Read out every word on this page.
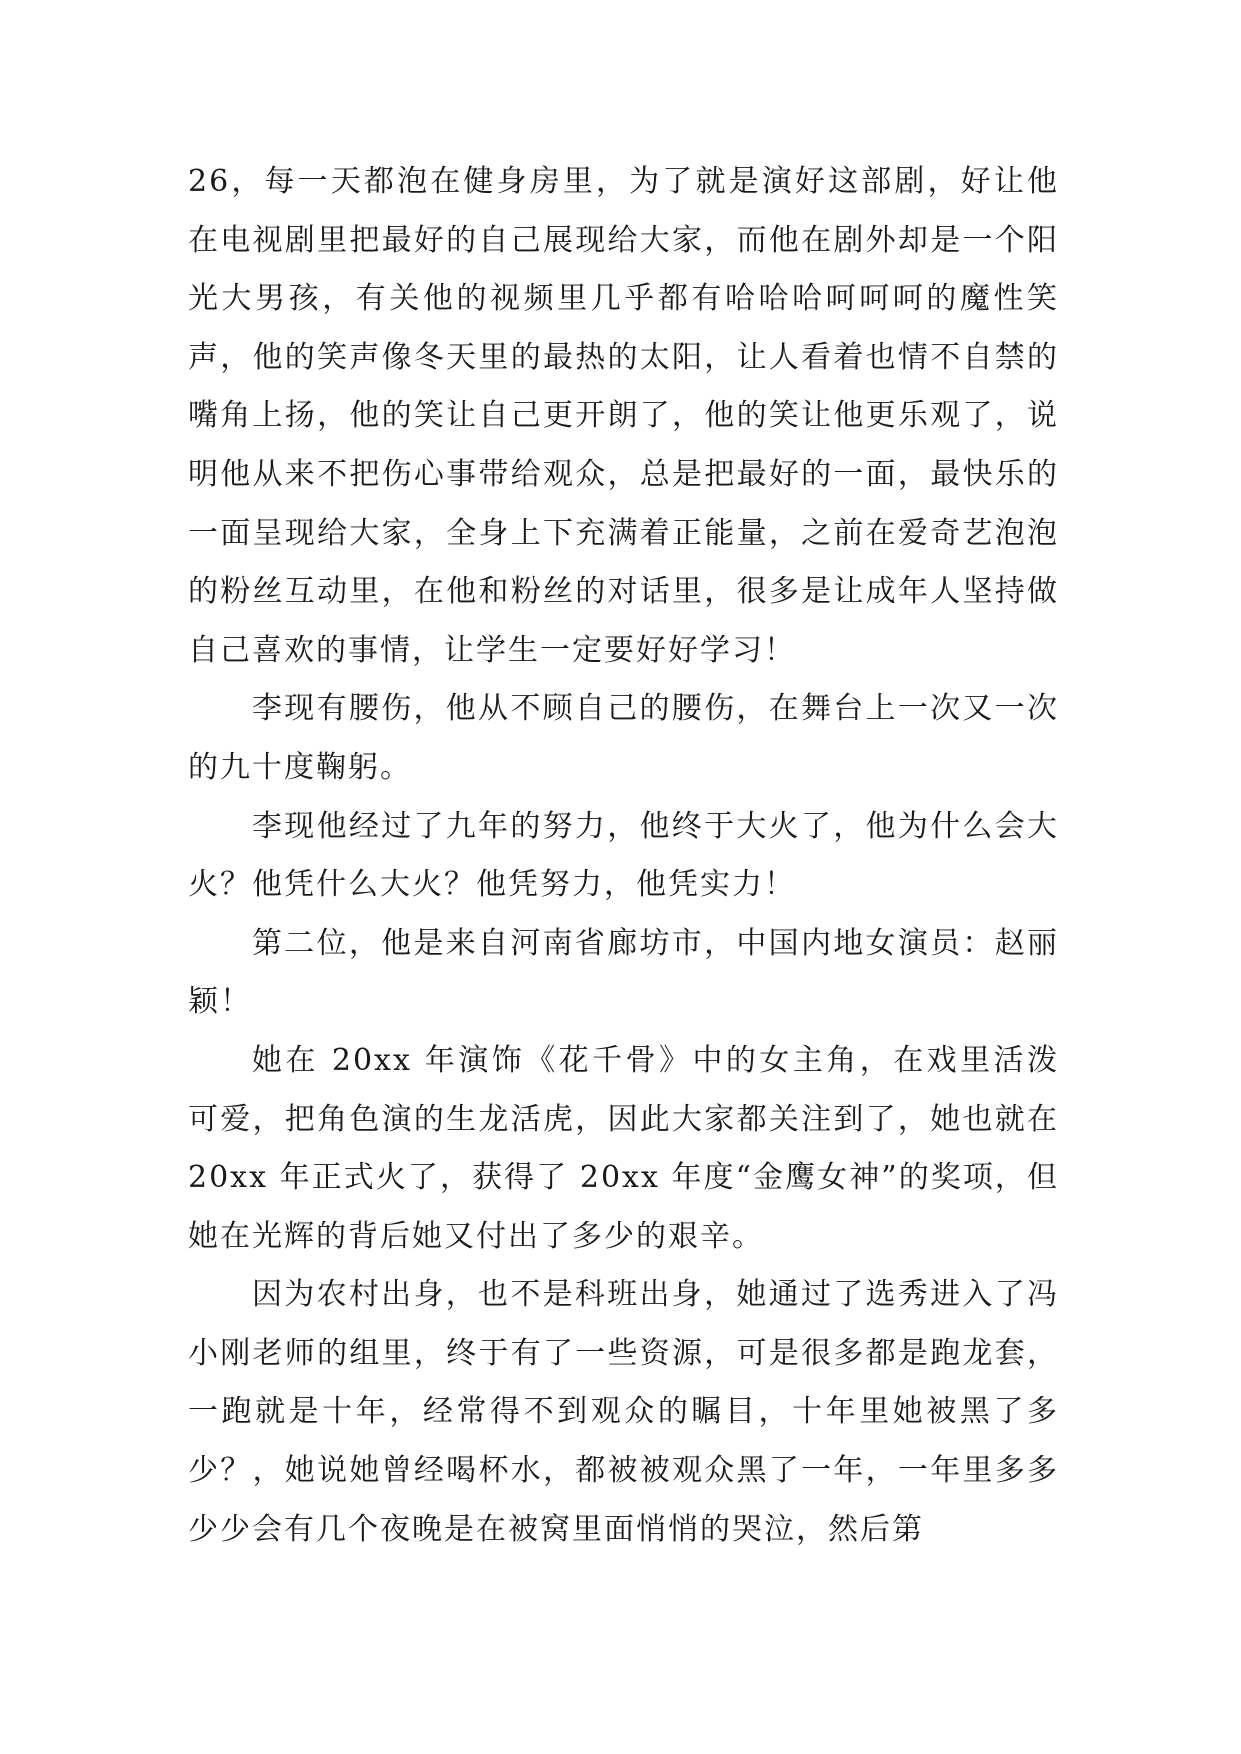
26，每一天都泡在健身房里，为了就是演好这部剧，好让他在电视剧里把最好的自己展现给大家，而他在剧外却是一个阳光大男孩，有关他的视频里几乎都有哈哈哈呵呵呵的魔性笑声，他的笑声像冬天里的最热的太阳，让人看着也情不自禁的嘴角上扬，他的笑让自己更开朗了，他的笑让他更乐观了，说明他从来不把伤心事带给观众，总是把最好的一面，最快乐的一面呈现给大家，全身上下充满着正能量，之前在爱奇艺泡泡的粉丝互动里，在他和粉丝的对话里，很多是让成年人坚持做自己喜欢的事情，让学生一定要好好学习！

李现有腰伤，他从不顾自己的腰伤，在舞台上一次又一次的九十度鞠躬。

李现他经过了九年的努力，他终于大火了，他为什么会大火？他凭什么大火？他凭努力，他凭实力！

第二位，他是来自河南省廊坊市，中国内地女演员：赵丽颖！

她在 20xx 年演饰《花千骨》中的女主角，在戏里活泼可爱，把角色演的生龙活虎，因此大家都关注到了，她也就在 20xx 年正式火了，获得了 20xx 年度“金鹰女神”的奖项，但她在光辉的背后她又付出了多少的艰辛。

因为农村出身，也不是科班出身，她通过了选秀进入了冯小刚老师的组里，终于有了一些资源，可是很多都是跑龙套，一跑就是十年，经常得不到观众的瞩目，十年里她被黑了多少？，她说她曾经喝杯水，都被被观众黑了一年，一年里多多少少会有几个夜晚是在被窝里面悄悄的哭泣，然后第
